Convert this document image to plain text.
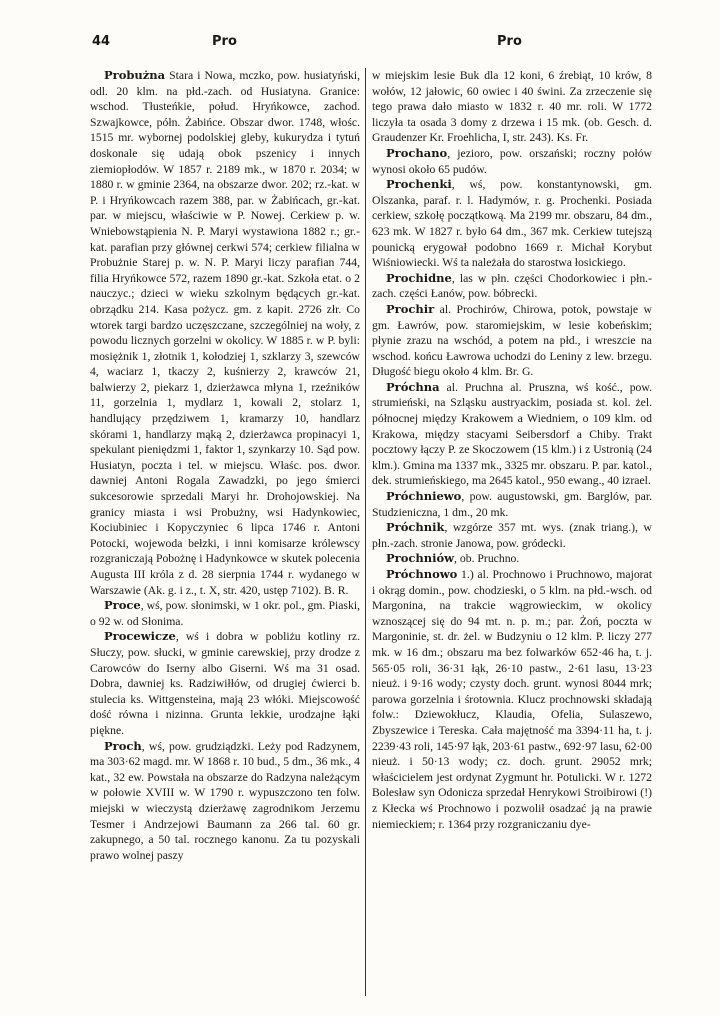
44	Pro	Pro

Probużna Stara i Nowa, mczko, pow. husiatyński, odl. 20 klm. na płd.-zach. od Husiatyna. Granice: wschod. Tłusteńkie, połud. Hryńkowce, zachod. Szwajkowce, półn. Żabińce. Obszar dwor. 1748, włośc. 1515 mr. wybornej podolskiej gleby, kukurydza i tytuń doskonale się udają obok pszenicy i innych ziemiopłodów. W 1857 r. 2189 mk., w 1870 r. 2034; w 1880 r. w gminie 2364, na obszarze dwor. 202; rz.-kat. w P. i Hryńkowcach razem 388, par. w Żabińcach, gr.-kat. par. w miejscu, właściwie w P. Nowej. Cerkiew p. w. Wniebowstąpienia N. P. Maryi wystawiona 1882 r.; gr.-kat. parafian przy głównej cerkwi 574; cerkiew filialna w Probużnie Starej p. w. N. P. Maryi liczy parafian 744, filia Hryńkowce 572, razem 1890 gr.-kat. Szkoła etat. o 2 nauczyc.; dzieci w wieku szkolnym będących gr.-kat. obrządku 214. Kasa pożycz. gm. z kapit. 2726 złr. Co wtorek targi bardzo uczęszczane, szczególniej na woły, z powodu licznych gorzelni w okolicy. W 1885 r. w P. byli: mosiężnik 1, złotnik 1, kołodziej 1, szklarzy 3, szewców 4, waciarz 1, tkaczy 2, kuśnierzy 2, krawców 21, balwierzy 2, piekarz 1, dzierżawca młyna 1, rzeźników 11, gorzelnia 1, mydlarz 1, kowali 2, stolarz 1, handlujący przędziwem 1, kramarzy 10, handlarz skórami 1, handlarzy mąką 2, dzierżawca propinacyi 1, spekulant pieniędzmi 1, faktor 1, szynkarzy 10. Sąd pow. Husiatyn, poczta i tel. w miejscu. Właśc. pos. dwor. dawniej Antoni Rogala Zawadzki, po jego śmierci sukcesorowie sprzedali Maryi hr. Drohojowskiej. Na granicy miasta i wsi Probużny, wsi Hadynkowiec, Kociubiniec i Kopyczyniec 6 lipca 1746 r. Antoni Potocki, wojewoda bełzki, i inni komisarze królewscy rozgraniczają Pobożnę i Hadynkowce w skutek polecenia Augusta III króla z d. 28 sierpnia 1744 r. wydanego w Warszawie (Ak. g. i z., t. X, str. 420, ustęp 7102). B. R.

Proce, wś, pow. słonimski, w 1 okr. pol., gm. Piaski, o 92 w. od Słonima.

Procewicze, wś i dobra w pobliżu kotliny rz. Słuczy, pow. słucki, w gminie carewskiej, przy drodze z Carowców do Iserny albo Giserni. Wś ma 31 osad. Dobra, dawniej ks. Radziwiłłów, od drugiej ćwierci b. stulecia ks. Wittgensteina, mają 23 włóki. Miejscowość dość równa i nizinna. Grunta lekkie, urodzajne łąki piękne.

Proch, wś, pow. grudziądzki. Leży pod Radzynem, ma 303·62 magd. mr. W 1868 r. 10 bud., 5 dm., 36 mk., 4 kat., 32 ew. Powstała na obszarze do Radzyna należącym w połowie XVIII w. W 1790 r. wypuszczono ten folw. miejski w wieczystą dzierżawę zagrodnikom Jerzemu Tesmer i Andrzejowi Baumann za 266 tal. 60 gr. zakupnego, a 50 tal. rocznego kanonu. Za tu pozyskali prawo wolnej paszy

w miejskim lesie Buk dla 12 koni, 6 źrebiąt, 10 krów, 8 wołów, 12 jałowic, 60 owiec i 40 świni. Za zrzeczenie się tego prawa dało miasto w 1832 r. 40 mr. roli. W 1772 liczyła ta osada 3 domy z drzewa i 15 mk. (ob. Gesch. d. Graudenzer Kr. Froehlicha, I, str. 243). Ks. Fr.

Prochano, jezioro, pow. orszański; roczny połów wynosi około 65 pudów.

Prochenki, wś, pow. konstantynowski, gm. Olszanka, paraf. r. l. Hadymów, r. g. Prochenki. Posiada cerkiew, szkołę początkową. Ma 2199 mr. obszaru, 84 dm., 623 mk. W 1827 r. było 64 dm., 367 mk. Cerkiew tutejszą pounicką erygował podobno 1669 r. Michał Korybut Wiśniowiecki. Wś ta należała do starostwa łosickiego.

Prochidne, las w płn. części Chodorkowiec i płn.-zach. części Łanów, pow. bóbrecki.

Prochir al. Prochirów, Chirowa, potok, powstaje w gm. Ławrów, pow. staromiejskim, w lesie kobeńskim; płynie zrazu na wschód, a potem na płd., i wreszcie na wschod. końcu Ławrowa uchodzi do Leniny z lew. brzegu. Długość biegu około 4 klm. Br. G.

Próchna al. Pruchna al. Prusznа, wś kość., pow. strumieński, na Szląsku austryackim, posiada st. kol. żel. północnej między Krakowem a Wiedniem, o 109 klm. od Krakowa, między stacyami Seibersdorf a Chiby. Trakt pocztowy łączy P. ze Skoczowem (15 klm.) i z Ustronią (24 klm.). Gmina ma 1337 mk., 3325 mr. obszaru. P. par. katol., dek. strumieńskiego, ma 2645 katol., 950 ewang., 40 izrael.

Próchniewo, pow. augustowski, gm. Barglów, par. Studzieniczna, 1 dm., 20 mk.

Próchnik, wzgórze 357 mt. wys. (znak triang.), w płn.-zach. stronie Janowa, pow. gródecki.

Prochniów, ob. Pruchno.

Próchnowo 1.) al. Prochnowo i Pruchnowo, majorat i okrąg domin., pow. chodzieski, o 5 klm. na płd.-wsch. od Margonina, na trakcie wągrowieckim, w okolicy wznoszącej się do 94 mt. n. p. m.; par. Żoń, poczta w Margoninie, st. dr. żel. w Budzyniu o 12 klm. P. liczy 277 mk. w 16 dm.; obszaru ma bez folwarków 652·46 ha, t. j. 565·05 roli, 36·31 łąk, 26·10 pastw., 2·61 lasu, 13·23 nieuż. i 9·16 wody; czysty doch. grunt. wynosi 8044 mrk; parowa gorzelnia i śrotownia. Klucz prochnowski składają folw.: Dziewokłucz, Klaudia, Ofelia, Sulaszewo, Zbyszewice i Tereska. Cała majętność ma 3394·11 ha, t. j. 2239·43 roli, 145·97 łąk, 203·61 pastw., 692·97 lasu, 62·00 nieuż. i 50·13 wody; cz. doch. grunt. 29052 mrk; właścicielem jest ordynat Zygmunt hr. Potulicki. W r. 1272 Bolesław syn Odonicza sprzedał Henrykowi Stroibirowi (!) z Kłecka wś Prochnowo i pozwolił osadzać ją na prawie niemieckiem; r. 1364 przy rozgraniczaniu dye-
